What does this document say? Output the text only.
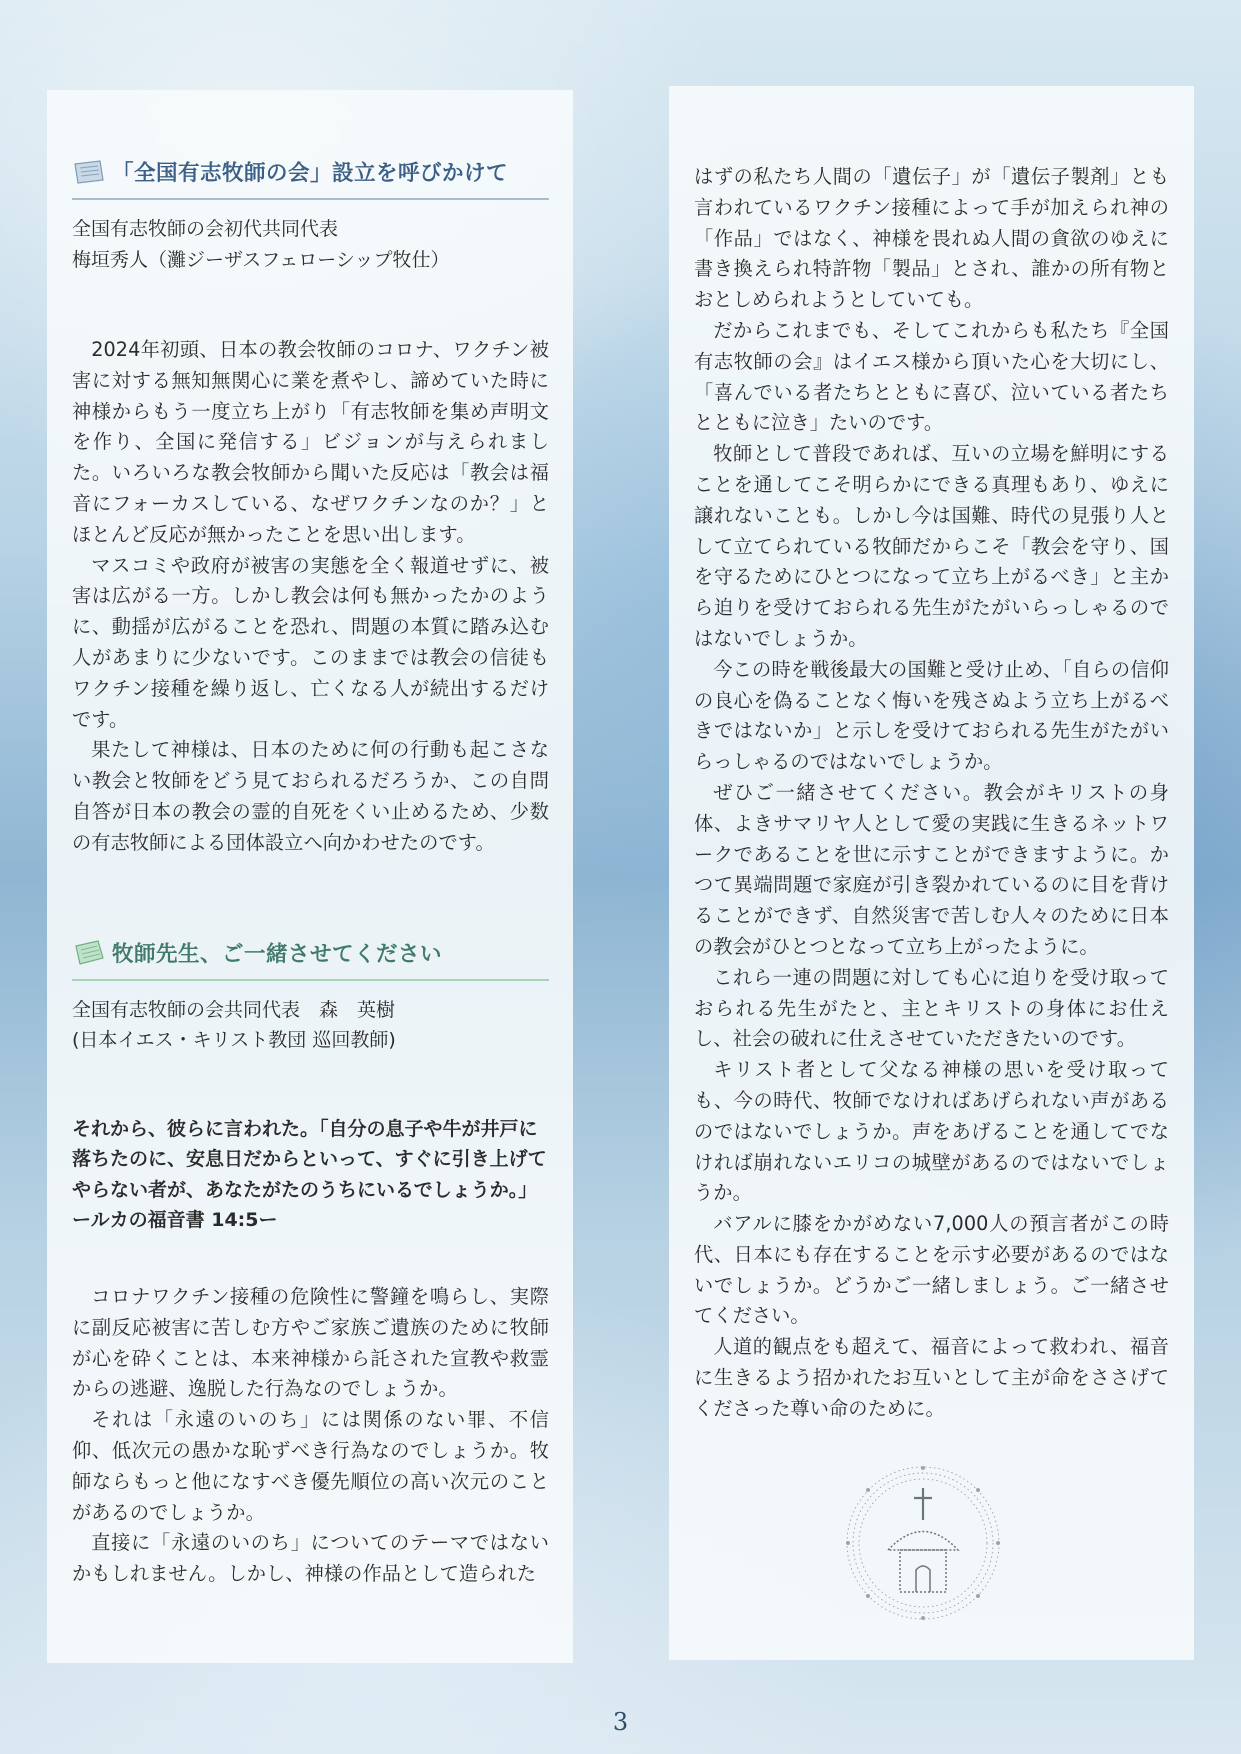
「全国有志牧師の会」設立を呼びかけて

全国有志牧師の会初代共同代表

梅垣秀人（灘ジーザスフェローシップ牧仕）

2024年初頭、日本の教会牧師のコロナ、ワクチン被害に対する無知無関心に業を煮やし、諦めていた時に神様からもう一度立ち上がり「有志牧師を集め声明文を作り、全国に発信する」ビジョンが与えられました。いろいろな教会牧師から聞いた反応は「教会は福音にフォーカスしている、なぜワクチンなのか？」とほとんど反応が無かったことを思い出します。

マスコミや政府が被害の実態を全く報道せずに、被害は広がる一方。しかし教会は何も無かったかのように、動揺が広がることを恐れ、問題の本質に踏み込む人があまりに少ないです。このままでは教会の信徒もワクチン接種を繰り返し、亡くなる人が続出するだけです。

果たして神様は、日本のために何の行動も起こさない教会と牧師をどう見ておられるだろうか、この自問自答が日本の教会の霊的自死をくい止めるため、少数の有志牧師による団体設立へ向かわせたのです。

牧師先生、ご一緒させてください

全国有志牧師の会共同代表　森　英樹

(日本イエス・キリスト教団 巡回教師)

それから、彼らに言われた。「自分の息子や牛が井戸に落ちたのに、安息日だからといって、すぐに引き上げてやらない者が、あなたがたのうちにいるでしょうか。」

ールカの福音書 14:5ー

コロナワクチン接種の危険性に警鐘を鳴らし、実際に副反応被害に苦しむ方やご家族ご遺族のために牧師が心を砕くことは、本来神様から託された宣教や救霊からの逃避、逸脱した行為なのでしょうか。

それは「永遠のいのち」には関係のない罪、不信仰、低次元の愚かな恥ずべき行為なのでしょうか。牧師ならもっと他になすべき優先順位の高い次元のことがあるのでしょうか。

直接に「永遠のいのち」についてのテーマではないかもしれません。しかし、神様の作品として造られた

はずの私たち人間の「遺伝子」が「遺伝子製剤」とも言われているワクチン接種によって手が加えられ神の「作品」ではなく、神様を畏れぬ人間の貪欲のゆえに書き換えられ特許物「製品」とされ、誰かの所有物とおとしめられようとしていても。

だからこれまでも、そしてこれからも私たち『全国有志牧師の会』はイエス様から頂いた心を大切にし、「喜んでいる者たちとともに喜び、泣いている者たちとともに泣き」たいのです。

牧師として普段であれば、互いの立場を鮮明にすることを通してこそ明らかにできる真理もあり、ゆえに譲れないことも。しかし今は国難、時代の見張り人として立てられている牧師だからこそ「教会を守り、国を守るためにひとつになって立ち上がるべき」と主から迫りを受けておられる先生がたがいらっしゃるのではないでしょうか。

今この時を戦後最大の国難と受け止め、「自らの信仰の良心を偽ることなく悔いを残さぬよう立ち上がるべきではないか」と示しを受けておられる先生がたがいらっしゃるのではないでしょうか。

ぜひご一緒させてください。教会がキリストの身体、よきサマリヤ人として愛の実践に生きるネットワークであることを世に示すことができますように。かつて異端問題で家庭が引き裂かれているのに目を背けることができず、自然災害で苦しむ人々のために日本の教会がひとつとなって立ち上がったように。

これら一連の問題に対しても心に迫りを受け取っておられる先生がたと、主とキリストの身体にお仕えし、社会の破れに仕えさせていただきたいのです。

キリスト者として父なる神様の思いを受け取っても、今の時代、牧師でなければあげられない声があるのではないでしょうか。声をあげることを通してでなければ崩れないエリコの城壁があるのではないでしょうか。

バアルに膝をかがめない7,000人の預言者がこの時代、日本にも存在することを示す必要があるのではないでしょうか。どうかご一緒しましょう。ご一緒させてください。

人道的観点をも超えて、福音によって救われ、福音に生きるよう招かれたお互いとして主が命をささげてくださった尊い命のために。

3
